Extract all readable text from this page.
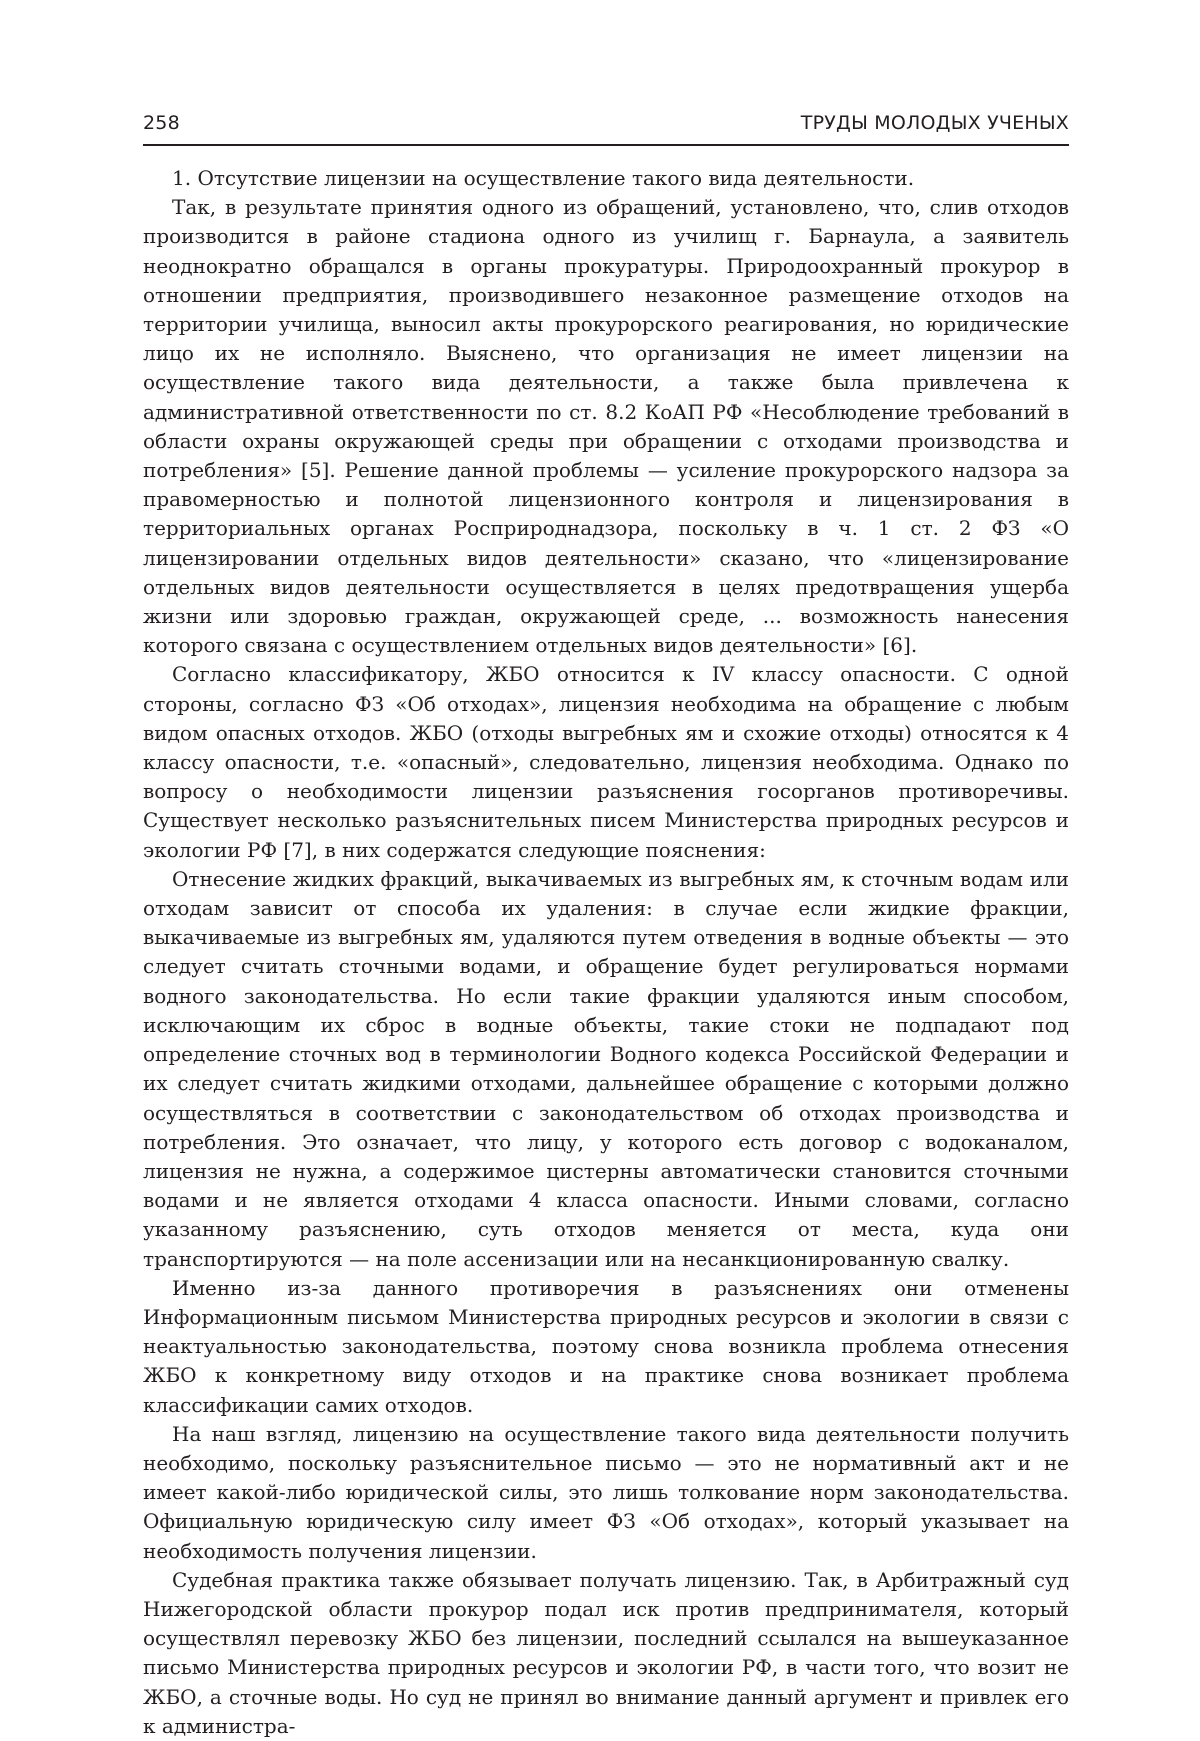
258	ТРУДЫ МОЛОДЫХ УЧЕНЫХ

1. Отсутствие лицензии на осуществление такого вида деятельности.

Так, в результате принятия одного из обращений, установлено, что, слив отходов производится в районе стадиона одного из училищ г. Барнаула, а заявитель неоднократно обращался в органы прокуратуры. Природоохранный прокурор в отношении предприятия, производившего незаконное размещение отходов на территории училища, выносил акты прокурорского реагирования, но юридические лицо их не исполняло. Выяснено, что организация не имеет лицензии на осуществление такого вида деятельности, а также была привлечена к административной ответственности по ст. 8.2 КоАП РФ «Несоблюдение требований в области охраны окружающей среды при обращении с отходами производства и потребления» [5]. Решение данной проблемы — усиление прокурорского надзора за правомерностью и полнотой лицензионного контроля и лицензирования в территориальных органах Росприроднадзора, поскольку в ч. 1 ст. 2 ФЗ «О лицензировании отдельных видов деятельности» сказано, что «лицензирование отдельных видов деятельности осуществляется в целях предотвращения ущерба жизни или здоровью граждан, окружающей среде, ... возможность нанесения которого связана с осуществлением отдельных видов деятельности» [6].

Согласно классификатору, ЖБО относится к IV классу опасности. С одной стороны, согласно ФЗ «Об отходах», лицензия необходима на обращение с любым видом опасных отходов. ЖБО (отходы выгребных ям и схожие отходы) относятся к 4 классу опасности, т.е. «опасный», следовательно, лицензия необходима. Однако по вопросу о необходимости лицензии разъяснения госорганов противоречивы. Существует несколько разъяснительных писем Министерства природных ресурсов и экологии РФ [7], в них содержатся следующие пояснения:

Отнесение жидких фракций, выкачиваемых из выгребных ям, к сточным водам или отходам зависит от способа их удаления: в случае если жидкие фракции, выкачиваемые из выгребных ям, удаляются путем отведения в водные объекты — это следует считать сточными водами, и обращение будет регулироваться нормами водного законодательства. Но если такие фракции удаляются иным способом, исключающим их сброс в водные объекты, такие стоки не подпадают под определение сточных вод в терминологии Водного кодекса Российской Федерации и их следует считать жидкими отходами, дальнейшее обращение с которыми должно осуществляться в соответствии с законодательством об отходах производства и потребления. Это означает, что лицу, у которого есть договор с водоканалом, лицензия не нужна, а содержимое цистерны автоматически становится сточными водами и не является отходами 4 класса опасности. Иными словами, согласно указанному разъяснению, суть отходов меняется от места, куда они транспортируются — на поле ассенизации или на несанкционированную свалку.

Именно из-за данного противоречия в разъяснениях они отменены Информационным письмом Министерства природных ресурсов и экологии в связи с неактуальностью законодательства, поэтому снова возникла проблема отнесения ЖБО к конкретному виду отходов и на практике снова возникает проблема классификации самих отходов.

На наш взгляд, лицензию на осуществление такого вида деятельности получить необходимо, поскольку разъяснительное письмо — это не нормативный акт и не имеет какой-либо юридической силы, это лишь толкование норм законодательства. Официальную юридическую силу имеет ФЗ «Об отходах», который указывает на необходимость получения лицензии.

Судебная практика также обязывает получать лицензию. Так, в Арбитражный суд Нижегородской области прокурор подал иск против предпринимателя, который осуществлял перевозку ЖБО без лицензии, последний ссылался на вышеуказанное письмо Министерства природных ресурсов и экологии РФ, в части того, что возит не ЖБО, а сточные воды. Но суд не принял во внимание данный аргумент и привлек его к администра-
